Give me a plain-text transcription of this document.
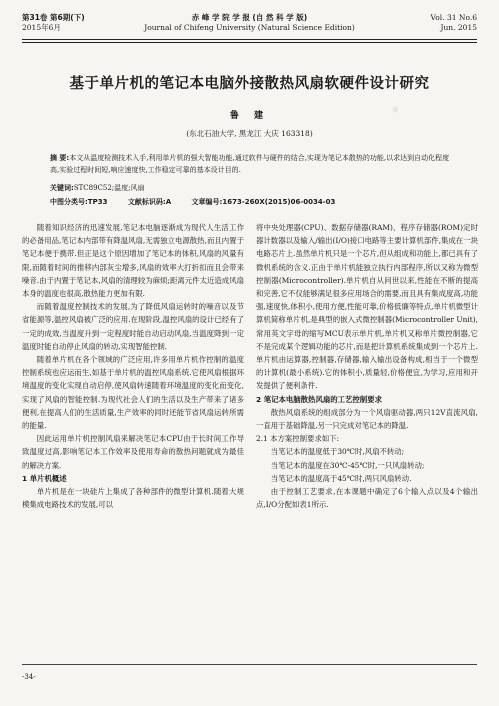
▪
第31卷 第6期(下)
2015年6月
赤 峰 学 院 学 报 (自 然 科 学 版)
Journal of Chifeng University (Natural Science Edition)
Vol. 31 No.6
Jun. 2015
基于单片机的笔记本电脑外接散热风扇软硬件设计研究
鲁 建
(东北石油大学, 黑龙江 大庆 163318)
摘 要:本文从温度检测技术入手,利用单片机的强大智能功能,通过软件与硬件的结合,实现为笔记本散热的功能,以求达到自动化程度高,实验过程时间短,响应速度快,工作稳定可靠的基本设计目的.
关键词:STC89C52;温度;风扇
中图分类号:TP33	文献标识码:A	文章编号:1673-260X(2015)06-0034-03

随着知识经济的迅速发展,笔记本电脑逐渐成为现代人生活工作的必备用品,笔记本内部带有降温风扇,无需独立电源散热,而且内置于笔记本便于携带.但正是这个原因增加了笔记本的体积,风扇的风量有限,而随着时间的推移内部灰尘增多,风扇的效率大打折扣而且会带来噪音.由于内置于笔记本,风扇的清理较为麻烦;距离元件太近造成风扇本身的温度也很高,散热能力更加有限.

而随着温度控制技术的发展,为了降低风扇运转时的噪音以及节省能源等,温控风扇被广泛的应用.在现阶段,温控风扇的设计已经有了一定的成效,当温度升到一定程度时能自动启动风扇,当温度降到一定温度时能自动停止风扇的转动,实现智能控制.

随着单片机在各个领域的广泛应用,许多用单片机作控制的温度控制系统也应运而生,如基于单片机的温控风扇系统.它使风扇根据环境温度的变化实现自动启停,使风扇转速随着环境温度的变化而变化,实现了风扇的智能控制.为现代社会人们的生活以及生产带来了诸多便利,在提高人们的生活质量,生产效率的同时还能节省风扇运转所需的能量.

因此运用单片机控制风扇来解决笔记本CPU由于长时间工作导致温度过高,影响笔记本工作效率及使用寿命的散热问题就成为最佳的解决方案.

1 单片机概述

单片机是在一块硅片上集成了各种部件的微型计算机.随着大规模集成电路技术的发展,可以

将中央处理器(CPU)、数据存储器(RAM)、程序存储器(ROM)定时器计数器以及输入/输出(I/O)接口电路等主要计算机部件,集成在一块电路芯片上.虽然单片机只是一个芯片,但从组成和功能上,都已具有了微机系统的含义.正由于单片机能独立执行内部程序,所以又称为微型控制器(Microcontroller).单片机自从问世以来,性能在不断的提高和完善,它不仅能够满足很多应用场合的需要,而且具有集成度高,功能强,速度快,体积小,使用方便,性能可靠,价格低廉等特点,单片机微型计算机简称单片机,是典型的嵌入式微控制器(Microcontroller Unit),常用英文字母的缩写MCU表示单片机,单片机又称单片微控制器,它不是完成某个逻辑功能的芯片,而是把计算机系统集成到一个芯片上.单片机由运算器,控制器,存储器,输入输出设备构成,相当于一个微型的计算机(最小系统).它的体积小,质量轻,价格便宜,为学习,应用和开发提供了便利条件.

2 笔记本电脑散热风扇的工艺控制要求

散热风扇系统的组成部分为一个风扇驱动器,两只12V直流风扇,一直用于基础降温,另一只完成对笔记本的降温.

2.1 本方案控制要求如下:

当笔记本的温度低于30℃时,风扇不转动;

当笔记本的温度在30℃-45℃时,一只风扇转动;

当笔记本的温度高于45℃时,两只风扇转动.

由于控制工艺要求,在本课题中确定了6个输入点以及4个输出点,I/O分配如表1所示.

-34-
